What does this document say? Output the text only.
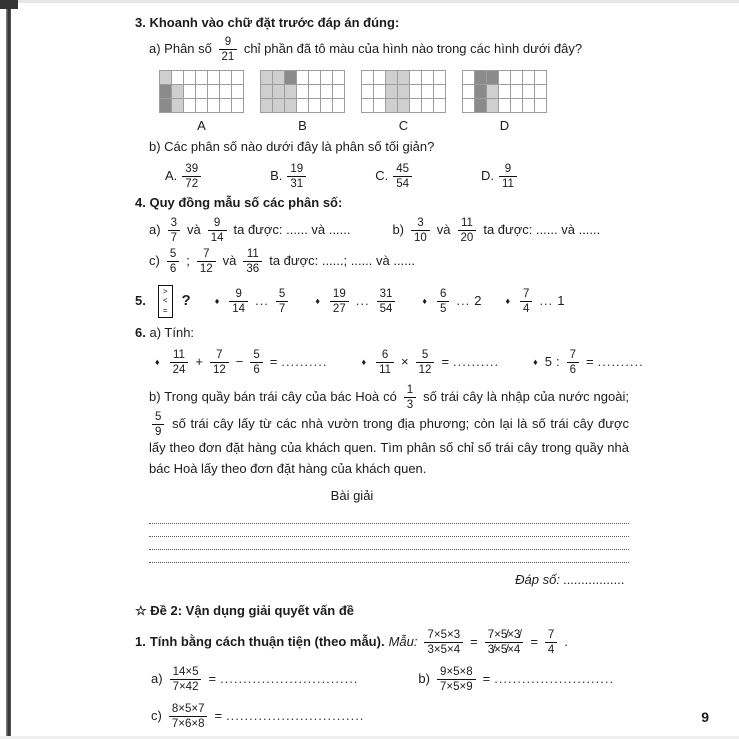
3. Khoanh vào chữ đặt trước đáp án đúng:

a) Phân số $\frac{9}{21}$ chỉ phần đã tô màu của hình nào trong các hình dưới đây?

A	B	C	D

b) Các phân số nào dưới đây là phân số tối giản?

A. $\frac{39}{72}$	B. $\frac{19}{31}$	C. $\frac{45}{54}$	D. $\frac{9}{11}$

4. Quy đồng mẫu số các phân số:

$a) \frac{3}{7}$ và $\frac{9}{14}$ ta được: ...... và ......	$b) \frac{3}{10}$ và $\frac{11}{20}$ ta được: ...... và ......
$c) \frac{5}{6}$ ; $\frac{7}{12}$ và $\frac{11}{36}$ ta được: ......; ...... và ......
5.
>
<
=
?	♦ $\frac{9}{14}$ ... $\frac{5}{7}$	♦ $\frac{19}{27}$ ... $\frac{31}{54}$	♦ $\frac{6}{5}$ ... 2	♦ $\frac{7}{4}$ ... 1

6. a) Tính:

♦ $\frac{11}{24} + \frac{7}{12} - \frac{5}{6}$ = ..........	♦ $\frac{6}{11} \times \frac{5}{12}$ = ..........	♦ 5 : $\frac{7}{6}$ = ..........

b) Trong quầy bán trái cây của bác Hoà có $\frac{1}{3}$ số trái cây là nhập của nước ngoài;
$\frac{5}{9}$ số trái cây lấy từ các nhà vườn trong địa phương; còn lại là số trái cây được lấy theo đơn đặt hàng của khách quen. Tìm phân số chỉ số trái cây trong quầy nhà bác Hoà lấy theo đơn đặt hàng của khách quen.

Bài giải
Đáp số: .................

☆ Đề 2: Vận dụng giải quyết vấn đề

1. Tính bằng cách thuận tiện (theo mẫu). Mẫu: $\frac{7\times 5\times 3}{3\times 5\times 4} = \frac{7\times 5̸\times 3̸}{3̸\times 5̸\times 4} = \frac{7}{4}$ .
$a) \frac{14\times 5}{7\times 42}$ = ..............................	$b) \frac{9\times 5\times 8}{7\times 5\times 9}$ = ..........................
$c) \frac{8\times 5\times 7}{7\times 6\times 8}$ = ..............................	9
